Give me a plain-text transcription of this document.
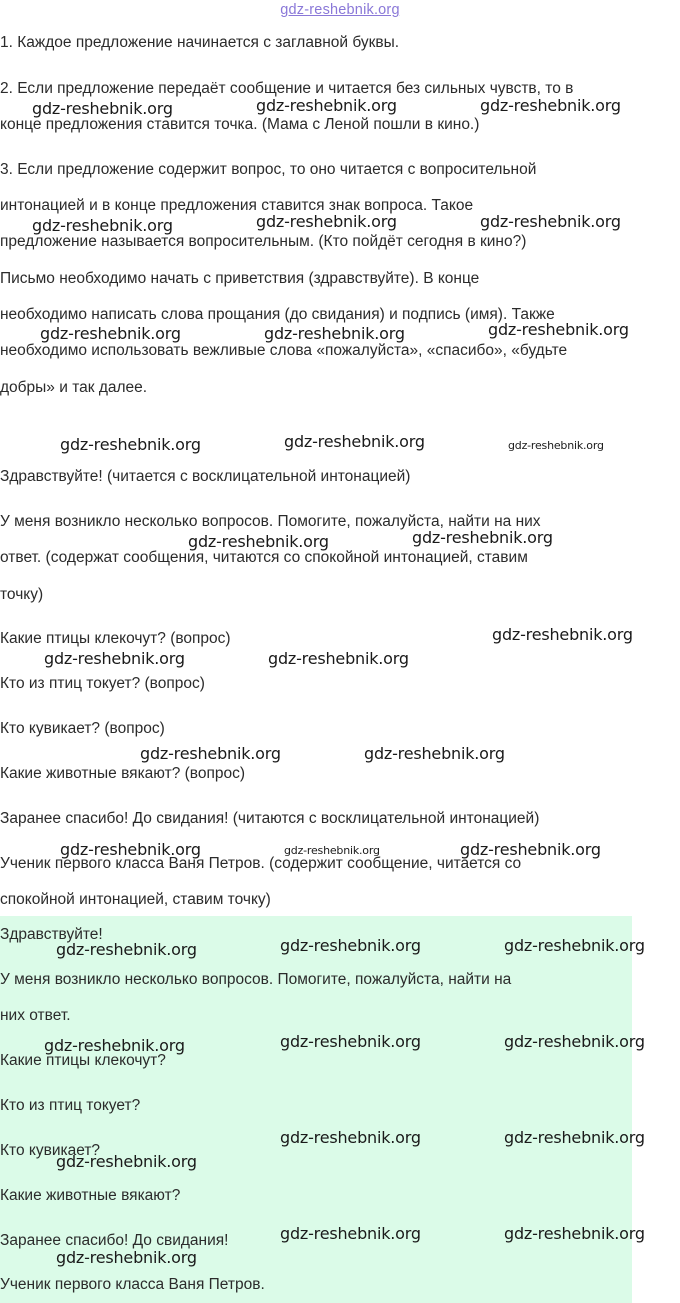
gdz-reshebnik.org
1. Каждое предложение начинается с заглавной буквы.
2. Если предложение передаёт сообщение и читается без сильных чувств, то в
конце предложения ставится точка. (Мама с Леной пошли в кино.)
3. Если предложение содержит вопрос, то оно читается с вопросительной
интонацией и в конце предложения ставится знак вопроса. Такое
предложение называется вопросительным. (Кто пойдёт сегодня в кино?)
Письмо необходимо начать с приветствия (здравствуйте). В конце
необходимо написать слова прощания (до свидания) и подпись (имя). Также
необходимо использовать вежливые слова «пожалуйста», «спасибо», «будьте
добры» и так далее.
Здравствуйте! (читается с восклицательной интонацией)
У меня возникло несколько вопросов. Помогите, пожалуйста, найти на них
ответ. (содержат сообщения, читаются со спокойной интонацией, ставим
точку)
Какие птицы клекочут? (вопрос)
Кто из птиц токует? (вопрос)
Кто кувикает? (вопрос)
Какие животные вякают? (вопрос)
Заранее спасибо! До свидания! (читаются с восклицательной интонацией)
Ученик первого класса Ваня Петров. (содержит сообщение, читается со
спокойной интонацией, ставим точку)
Здравствуйте!
У меня возникло несколько вопросов. Помогите, пожалуйста, найти на
них ответ.
Какие птицы клекочут?
Кто из птиц токует?
Кто кувикает?
Какие животные вякают?
Заранее спасибо! До свидания!
Ученик первого класса Ваня Петров.
gdz-reshebnik.org	gdz-reshebnik.org	gdz-reshebnik.org
gdz-reshebnik.org	gdz-reshebnik.org	gdz-reshebnik.org
gdz-reshebnik.org	gdz-reshebnik.org	gdz-reshebnik.org
gdz-reshebnik.org	gdz-reshebnik.org	gdz-reshebnik.org
gdz-reshebnik.org	gdz-reshebnik.org
gdz-reshebnik.org
gdz-reshebnik.org	gdz-reshebnik.org
gdz-reshebnik.org	gdz-reshebnik.org
gdz-reshebnik.org	gdz-reshebnik.org	gdz-reshebnik.org
gdz-reshebnik.org	gdz-reshebnik.org	gdz-reshebnik.org
gdz-reshebnik.org	gdz-reshebnik.org	gdz-reshebnik.org
gdz-reshebnik.org	gdz-reshebnik.org
gdz-reshebnik.org
gdz-reshebnik.org	gdz-reshebnik.org
gdz-reshebnik.org
